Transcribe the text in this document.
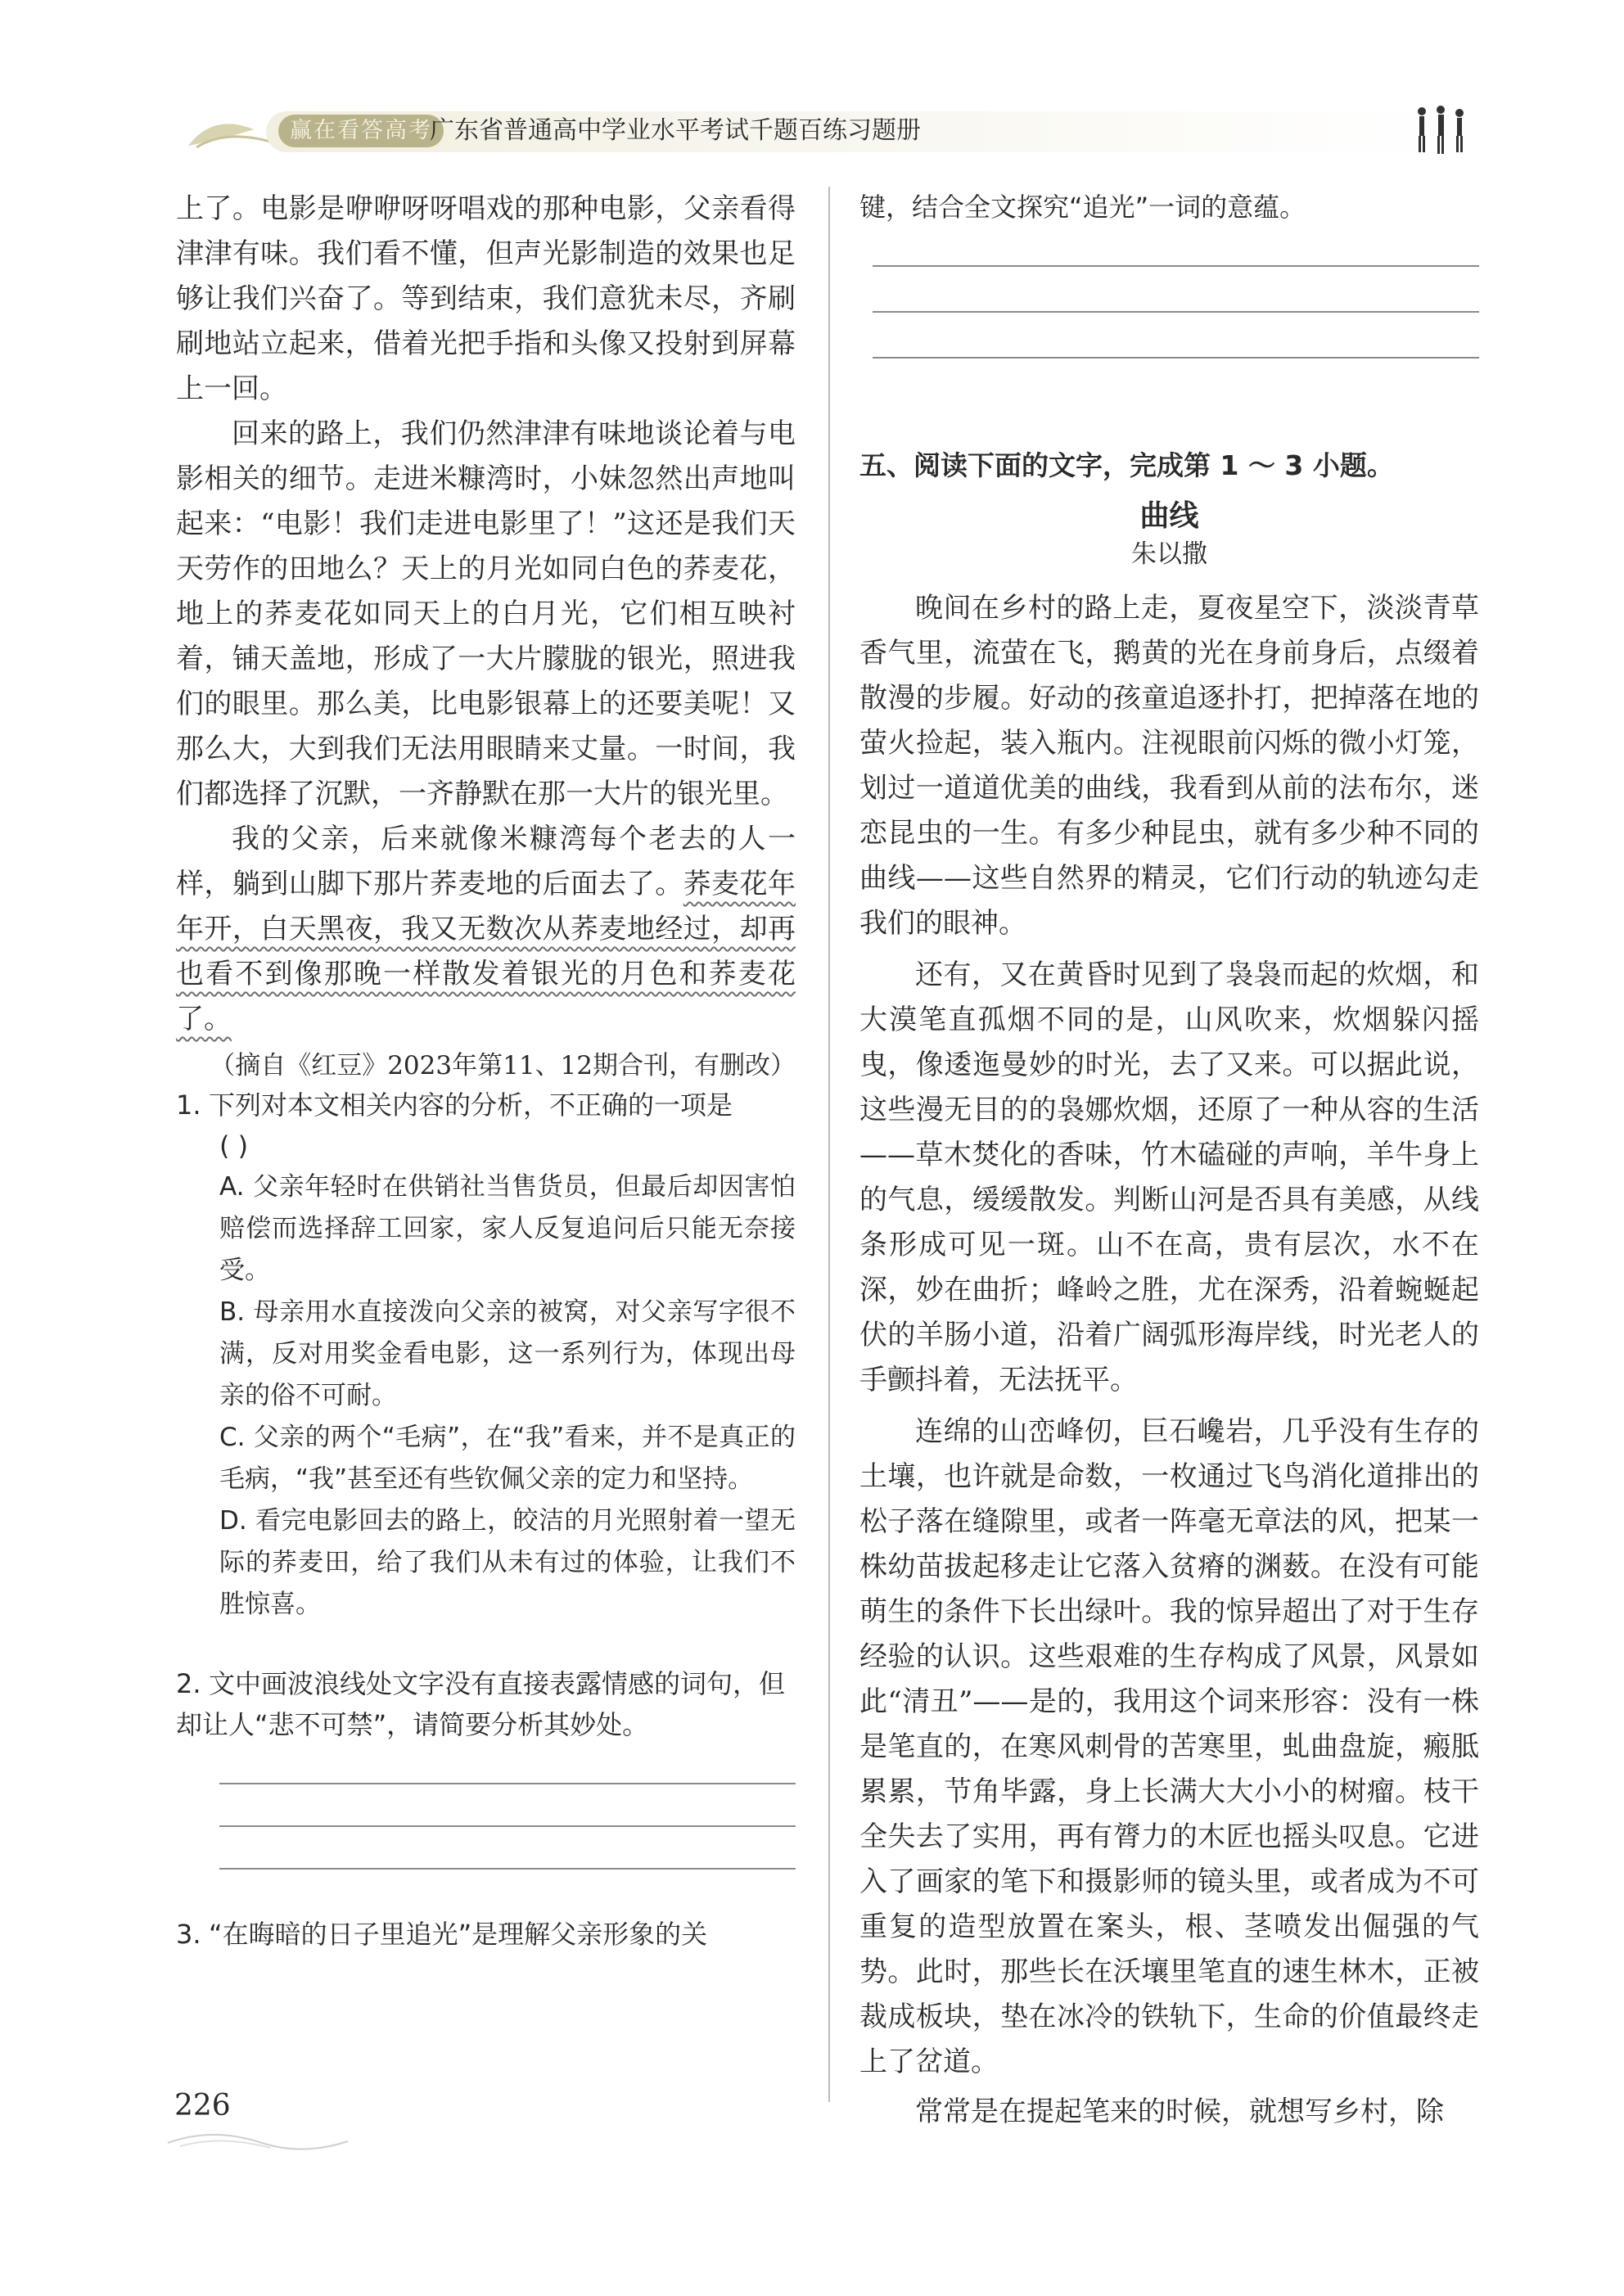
赢在看答高考
广东省普通高中学业水平考试千题百练习题册

上了。电影是咿咿呀呀唱戏的那种电影，父亲看得津津有味。我们看不懂，但声光影制造的效果也足够让我们兴奋了。等到结束，我们意犹未尽，齐刷刷地站立起来，借着光把手指和头像又投射到屏幕上一回。

回来的路上，我们仍然津津有味地谈论着与电影相关的细节。走进米糠湾时，小妹忽然出声地叫起来：“电影！我们走进电影里了！”这还是我们天天劳作的田地么？天上的月光如同白色的荞麦花，地上的荞麦花如同天上的白月光，它们相互映衬着，铺天盖地，形成了一大片朦胧的银光，照进我们的眼里。那么美，比电影银幕上的还要美呢！又那么大，大到我们无法用眼睛来丈量。一时间，我们都选择了沉默，一齐静默在那一大片的银光里。

我的父亲，后来就像米糠湾每个老去的人一样，躺到山脚下那片荞麦地的后面去了。荞麦花年年开，白天黑夜，我又无数次从荞麦地经过，却再也看不到像那晚一样散发着银光的月色和荞麦花了。

（摘自《红豆》2023年第11、12期合刊，有删改）

1. 下列对本文相关内容的分析，不正确的一项是

( )

A. 父亲年轻时在供销社当售货员，但最后却因害怕赔偿而选择辞工回家，家人反复追问后只能无奈接受。

B. 母亲用水直接泼向父亲的被窝，对父亲写字很不满，反对用奖金看电影，这一系列行为，体现出母亲的俗不可耐。

C. 父亲的两个“毛病”，在“我”看来，并不是真正的毛病，“我”甚至还有些钦佩父亲的定力和坚持。

D. 看完电影回去的路上，皎洁的月光照射着一望无际的荞麦田，给了我们从未有过的体验，让我们不胜惊喜。

2. 文中画波浪线处文字没有直接表露情感的词句，但却让人“悲不可禁”，请简要分析其妙处。

3. “在晦暗的日子里追光”是理解父亲形象的关

键，结合全文探究“追光”一词的意蕴。

五、阅读下面的文字，完成第 1 ～ 3 小题。

曲线

朱以撒

晚间在乡村的路上走，夏夜星空下，淡淡青草香气里，流萤在飞，鹅黄的光在身前身后，点缀着散漫的步履。好动的孩童追逐扑打，把掉落在地的萤火捡起，装入瓶内。注视眼前闪烁的微小灯笼，划过一道道优美的曲线，我看到从前的法布尔，迷恋昆虫的一生。有多少种昆虫，就有多少种不同的曲线——这些自然界的精灵，它们行动的轨迹勾走我们的眼神。

还有，又在黄昏时见到了袅袅而起的炊烟，和大漠笔直孤烟不同的是，山风吹来，炊烟躲闪摇曳，像逶迤曼妙的时光，去了又来。可以据此说，这些漫无目的的袅娜炊烟，还原了一种从容的生活——草木焚化的香味，竹木磕碰的声响，羊牛身上的气息，缓缓散发。判断山河是否具有美感，从线条形成可见一斑。山不在高，贵有层次，水不在深，妙在曲折；峰岭之胜，尤在深秀，沿着蜿蜒起伏的羊肠小道，沿着广阔弧形海岸线，时光老人的手颤抖着，无法抚平。

连绵的山峦峰仞，巨石巉岩，几乎没有生存的土壤，也许就是命数，一枚通过飞鸟消化道排出的松子落在缝隙里，或者一阵毫无章法的风，把某一株幼苗拔起移走让它落入贫瘠的渊薮。在没有可能萌生的条件下长出绿叶。我的惊异超出了对于生存经验的认识。这些艰难的生存构成了风景，风景如此“清丑”——是的，我用这个词来形容：没有一株是笔直的，在寒风刺骨的苦寒里，虬曲盘旋，瘢胝累累，节角毕露，身上长满大大小小的树瘤。枝干全失去了实用，再有膂力的木匠也摇头叹息。它进入了画家的笔下和摄影师的镜头里，或者成为不可重复的造型放置在案头，根、茎喷发出倔强的气势。此时，那些长在沃壤里笔直的速生林木，正被裁成板块，垫在冰冷的铁轨下，生命的价值最终走上了岔道。

常常是在提起笔来的时候，就想写乡村，除

226
